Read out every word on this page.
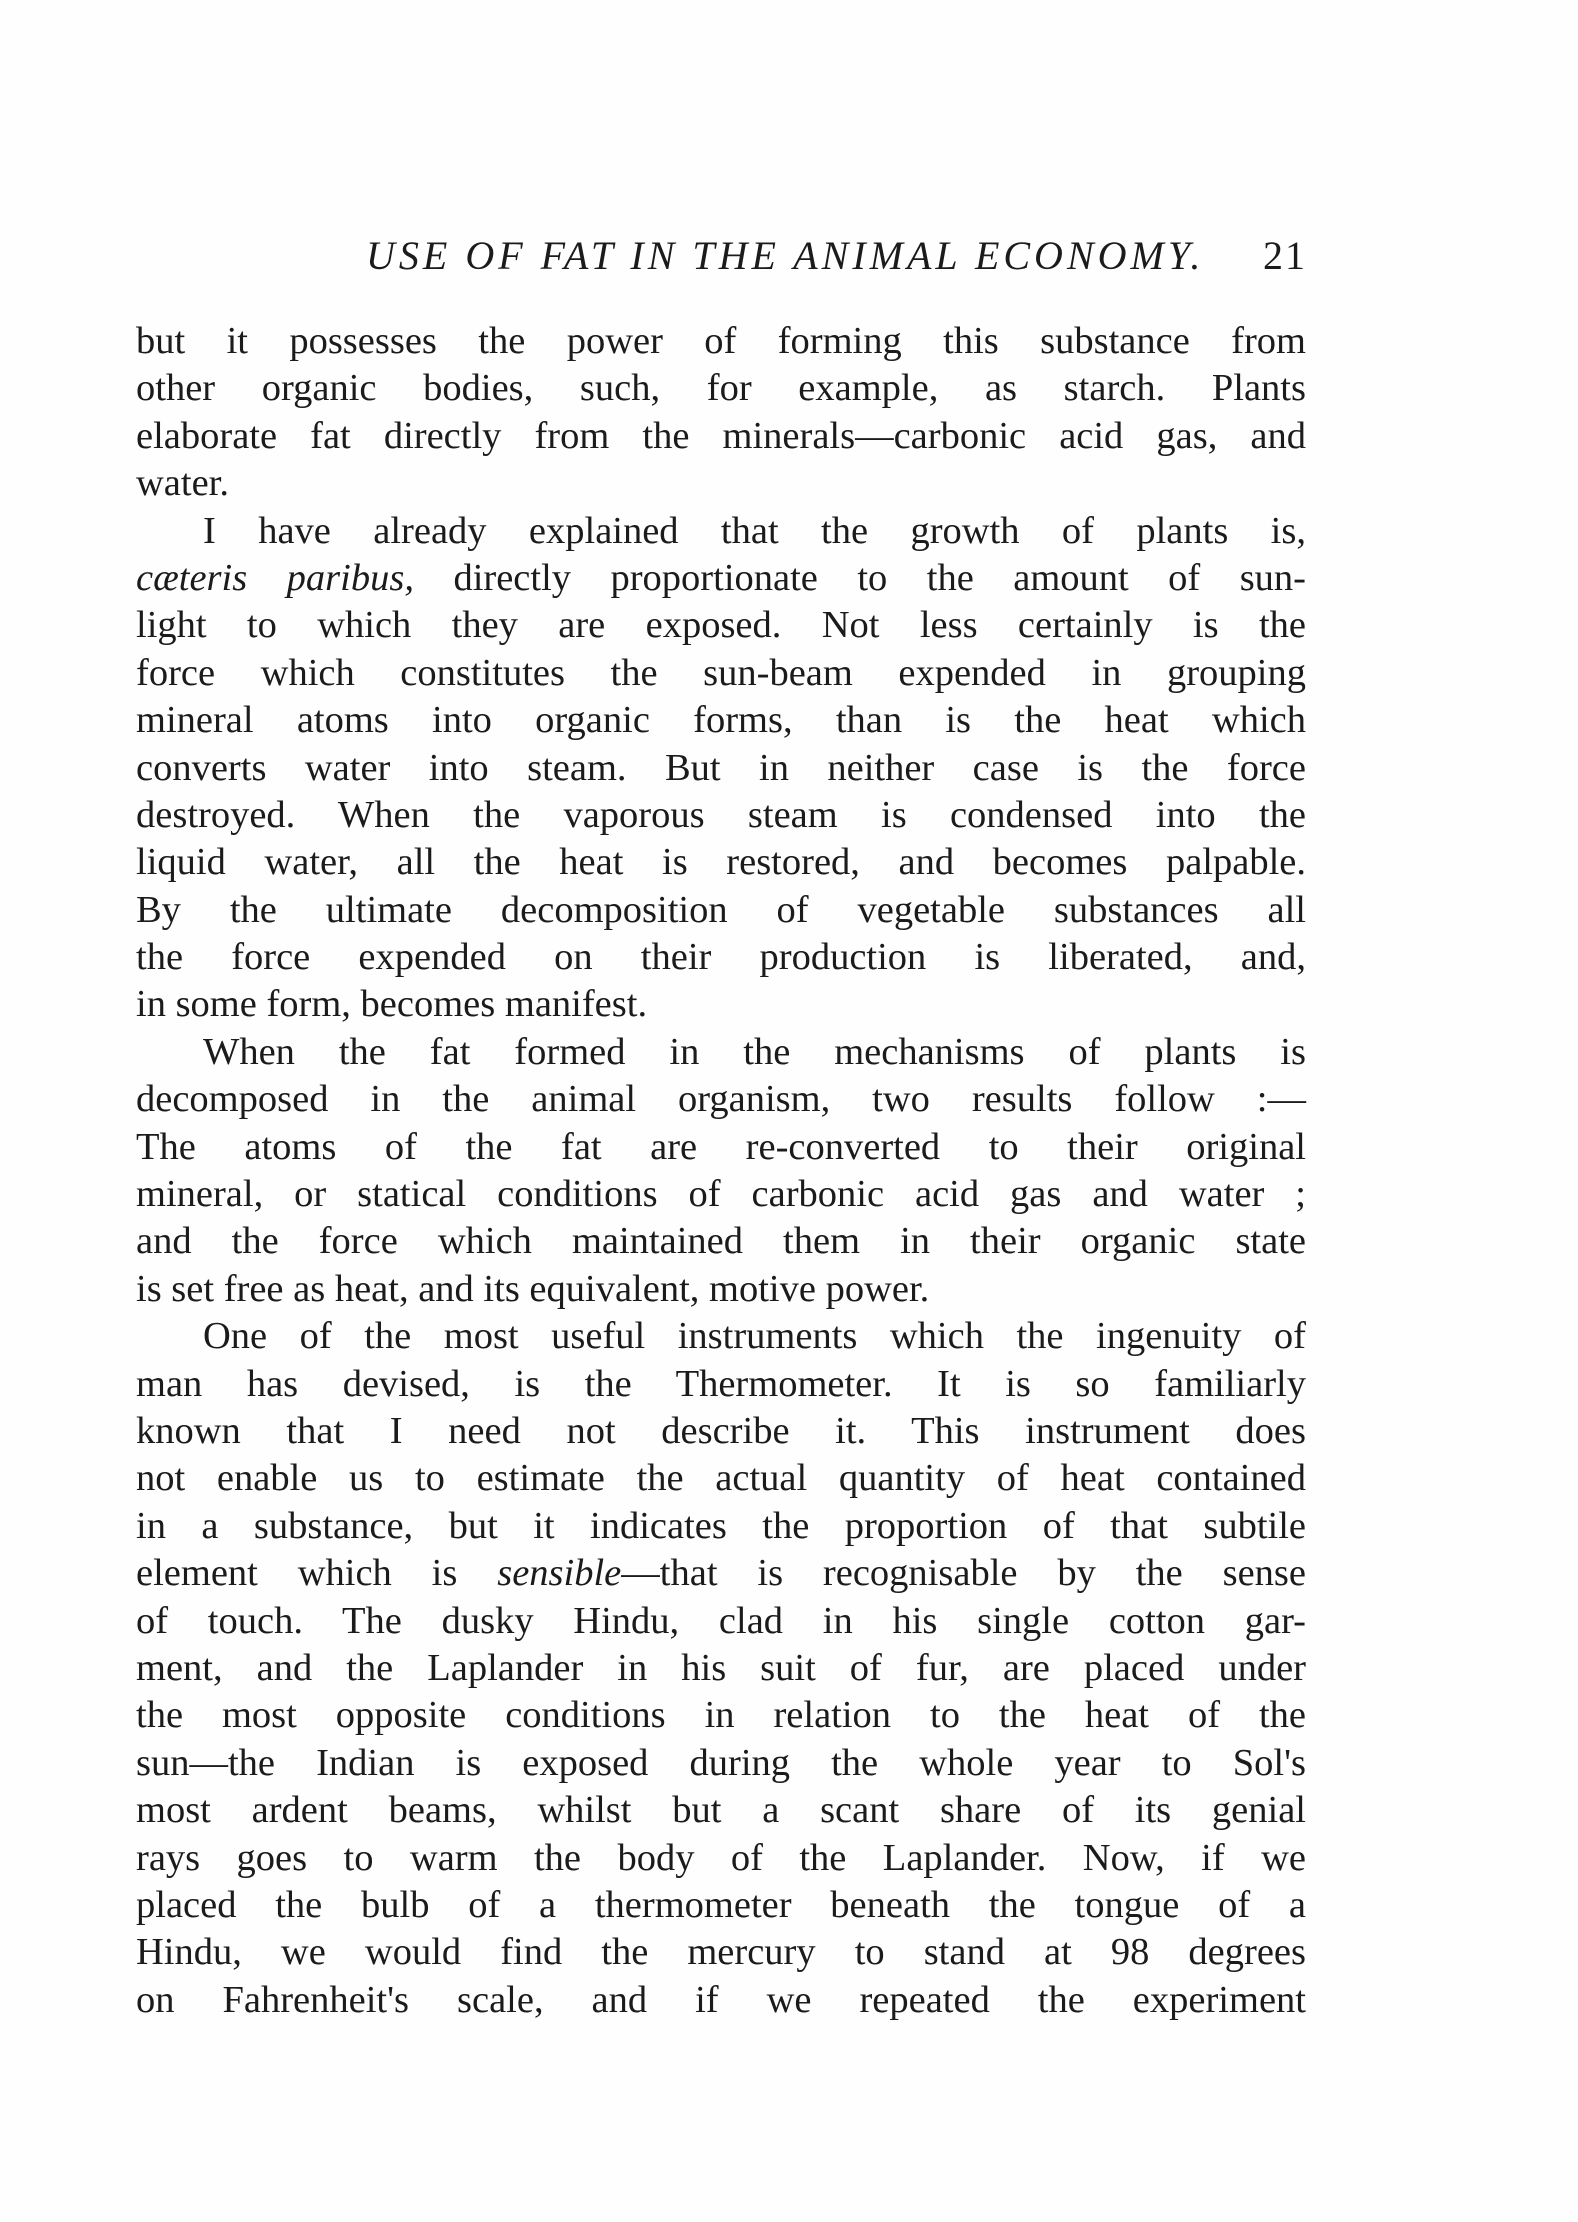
USE OF FAT IN THE ANIMAL ECONOMY. 21
but it possesses the power of forming this substance from
other organic bodies, such, for example, as starch. Plants
elaborate fat directly from the minerals—carbonic acid gas, and
water.
I have already explained that the growth of plants is,
cæteris paribus, directly proportionate to the amount of sun-
light to which they are exposed. Not less certainly is the
force which constitutes the sun-beam expended in grouping
mineral atoms into organic forms, than is the heat which
converts water into steam. But in neither case is the force
destroyed. When the vaporous steam is condensed into the
liquid water, all the heat is restored, and becomes palpable.
By the ultimate decomposition of vegetable substances all
the force expended on their production is liberated, and,
in some form, becomes manifest.
When the fat formed in the mechanisms of plants is
decomposed in the animal organism, two results follow :—
The atoms of the fat are re-converted to their original
mineral, or statical conditions of carbonic acid gas and water ;
and the force which maintained them in their organic state
is set free as heat, and its equivalent, motive power.
One of the most useful instruments which the ingenuity of
man has devised, is the Thermometer. It is so familiarly
known that I need not describe it. This instrument does
not enable us to estimate the actual quantity of heat contained
in a substance, but it indicates the proportion of that subtile
element which is sensible—that is recognisable by the sense
of touch. The dusky Hindu, clad in his single cotton gar-
ment, and the Laplander in his suit of fur, are placed under
the most opposite conditions in relation to the heat of the
sun—the Indian is exposed during the whole year to Sol's
most ardent beams, whilst but a scant share of its genial
rays goes to warm the body of the Laplander. Now, if we
placed the bulb of a thermometer beneath the tongue of a
Hindu, we would find the mercury to stand at 98 degrees
on Fahrenheit's scale, and if we repeated the experiment
